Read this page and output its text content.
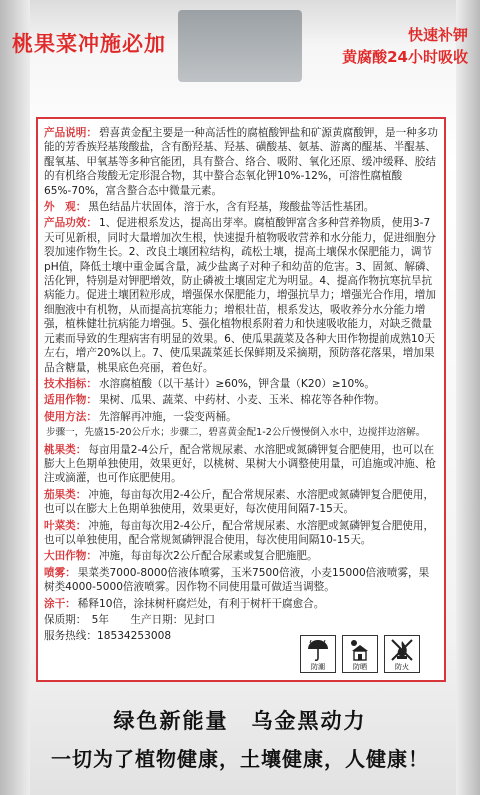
桃果菜冲施必加	快速补钾
黄腐酸24小时吸收
产品说明： 碧喜黄金配主要是一种高活性的腐植酸钾盐和矿源黄腐酸钾，是一种多功能的芳香族羟基羧酸盐，含有酚羟基、羟基、磺酸基、氨基、游离的醌基、半醌基、醌氧基、甲氧基等多种官能团，具有螯合、络合、吸附、氧化还原、缓冲缓释、胶结的有机络合羧酸无定形混合物，其中螯合态氧化钾10%-12%，可溶性腐植酸65%-70%，富含螯合态中微量元素。
外　观： 黑色结晶片状固体，溶于水，含有羟基，羧酸盐等活性基团。
产品功效： 1、促进根系发达，提高出芽率。腐植酸钾富含多种营养物质，使用3-7天可见新根，同时大量增加次生根，快速提升植物吸收营养和水分能力，促进细胞分裂加速作物生长。2、改良土壤团粒结构，疏松土壤，提高土壤保水保肥能力，调节pH值，降低土壤中重金属含量，减少盐离子对种子和幼苗的危害。3、固氮、解磷、活化钾，特别是对钾肥增效，防止磷被土壤固定尤为明显。4、提高作物抗寒抗旱抗病能力。促进土壤团粒形成，增强保水保肥能力，增强抗旱力；增强光合作用，增加细胞液中有机物，从而提高抗寒能力；增根壮苗，根系发达，吸收养分水分能力增强，植株健壮抗病能力增强。5、强化植物根系附着力和快速吸收能力，对缺乏微量元素而导致的生理病害有明显的效果。6、使瓜果蔬菜及各种大田作物提前成熟10天左右，增产20%以上。7、使瓜果蔬菜延长保鲜期及采摘期，预防落花落果，增加果品含糖量，桃果底色亮丽，着色好。
技术指标： 水溶腐植酸（以干基计）≥60%，钾含量（K20）≥10%。
适用作物： 果树、瓜果、蔬菜、中药材、小麦、玉米、棉花等各种作物。
使用方法： 先溶解再冲施，一袋变两桶。
步骤一，先盛15-20公斤水；步骤二，碧喜黄金配1-2公斤慢慢倒入水中，边搅拌边溶解。
桃果类： 每亩用量2-4公斤，配合常规尿素、水溶肥或氮磷钾复合肥使用，也可以在膨大上色期单独使用，效果更好，以桃树、果树大小调整使用量，可追施或冲施、枪注或滴灌，也可作底肥使用。
茄果类： 冲施，每亩每次用2-4公斤，配合常规尿素、水溶肥或氮磷钾复合肥使用，也可以在膨大上色期单独使用，效果更好，每次使用间隔7-15天。
叶菜类： 冲施，每亩每次用2-4公斤，配合常规尿素、水溶肥或氮磷钾复合肥使用，也可以单独使用，配合常规氮磷钾混合使用，每次使用间隔10-15天。
大田作物： 冲施，每亩每次2公斤配合尿素或复合肥施肥。
喷雾： 果菜类7000-8000倍液体喷雾，玉米7500倍液，小麦15000倍液喷雾，果树类4000-5000倍液喷雾。因作物不同使用量可做适当调整。
涂干： 稀释10倍，涂抹树杆腐烂处，有利于树杆干腐愈合。
保质期：　5年 生产日期：见封口
服务热线：18534253008
防潮	防晒	防火
绿色新能量　乌金黑动力
一切为了植物健康，土壤健康，人健康！
